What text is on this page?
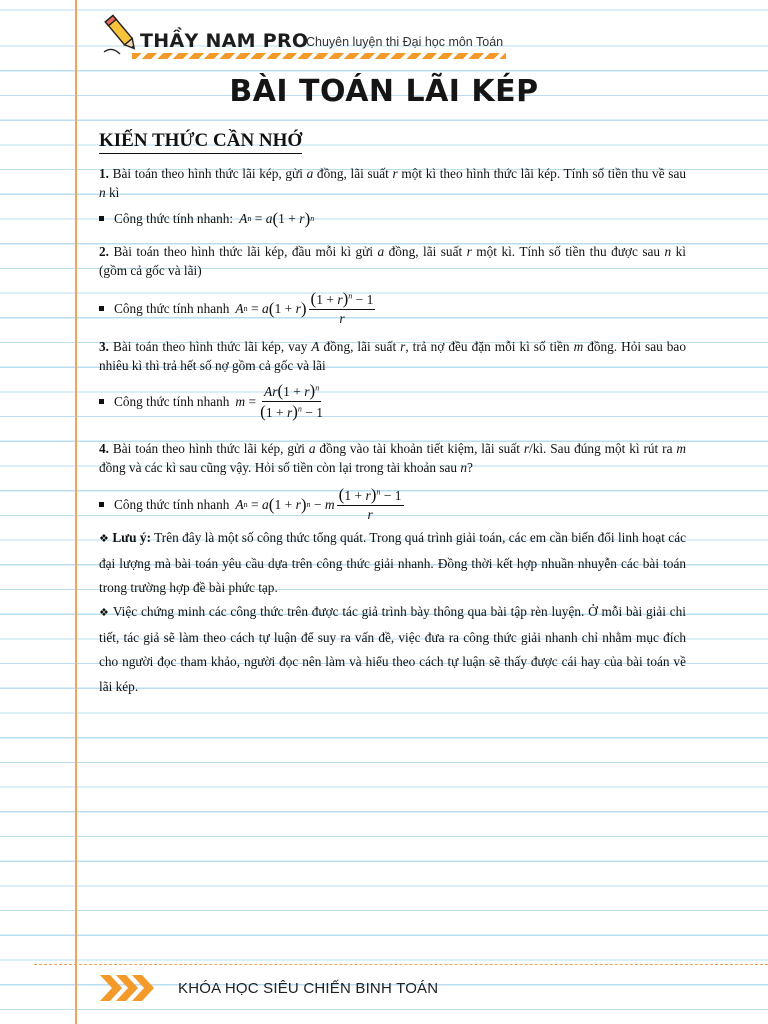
THẦY NAM PRO
Chuyên luyện thi Đại học môn Toán
BÀI TOÁN LÃI KÉP
KIẾN THỨC CẦN NHỚ
1. Bài toán theo hình thức lãi kép, gửi a đồng, lãi suất r một kì theo hình thức lãi kép. Tính số tiền thu về sau n kì
Công thức tính nhanh: A n
=
a ( 1
+
r ) n
2. Bài toán theo hình thức lãi kép, đầu mỗi kì gửi a đồng, lãi suất r một kì. Tính số tiền thu được sau n kì (gồm cả gốc và lãi)
Công thức tính nhanh A n
=
a ( 1
+
r ) $\frac{(1 + r)^n - 1}{r}$
3. Bài toán theo hình thức lãi kép, vay A đồng, lãi suất r, trả nợ đều đặn mỗi kì số tiền m đồng. Hỏi sau bao nhiêu kì thì trả hết số nợ gồm cả gốc và lãi
Công thức tính nhanh m
= $\frac{Ar(1 + r)^n}{(1 + r)^n - 1}$
4. Bài toán theo hình thức lãi kép, gửi a đồng vào tài khoản tiết kiệm, lãi suất r/kì. Sau đúng một kì rút ra m đồng và các kì sau cũng vậy. Hỏi số tiền còn lại trong tài khoản sau n?
Công thức tính nhanh A n
=
a ( 1
+
r ) n
−
m $\frac{(1 + r)^n - 1}{r}$
❖ Lưu ý: Trên đây là một số công thức tổng quát. Trong quá trình giải toán, các em cần biến đổi linh hoạt các đại lượng mà bài toán yêu cầu dựa trên công thức giải nhanh. Đồng thời kết hợp nhuần nhuyễn các bài toán trong trường hợp đề bài phức tạp.
❖ Việc chứng minh các công thức trên được tác giả trình bày thông qua bài tập rèn luyện. Ở mỗi bài giải chi tiết, tác giả sẽ làm theo cách tự luận để suy ra vấn đề, việc đưa ra công thức giải nhanh chỉ nhằm mục đích cho người đọc tham khảo, người đọc nên làm và hiểu theo cách tự luận sẽ thấy được cái hay của bài toán về lãi kép.
KHÓA HỌC SIÊU CHIẾN BINH TOÁN
